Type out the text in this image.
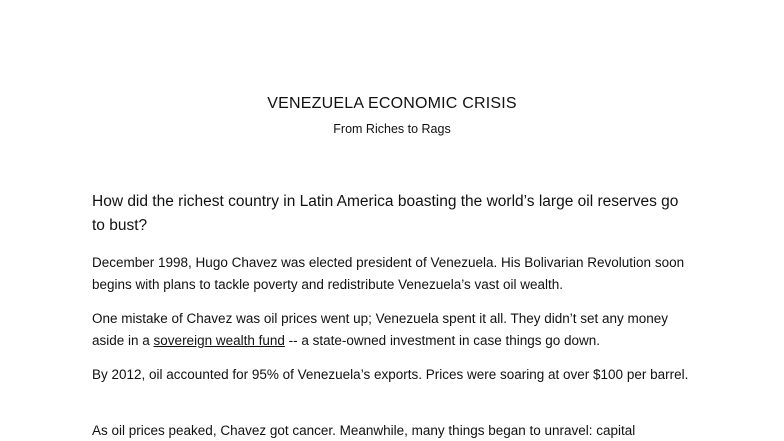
VENEZUELA ECONOMIC CRISIS
From Riches to Rags
How did the richest country in Latin America boasting the world’s large oil reserves go to bust?
December 1998, Hugo Chavez was elected president of Venezuela. His Bolivarian Revolution soon begins with plans to tackle poverty and redistribute Venezuela’s vast oil wealth.
One mistake of Chavez was oil prices went up; Venezuela spent it all. They didn’t set any money aside in a sovereign wealth fund -- a state-owned investment in case things go down.
By 2012, oil accounted for 95% of Venezuela’s exports. Prices were soaring at over $100 per barrel.
As oil prices peaked, Chavez got cancer. Meanwhile, many things began to unravel: capital
